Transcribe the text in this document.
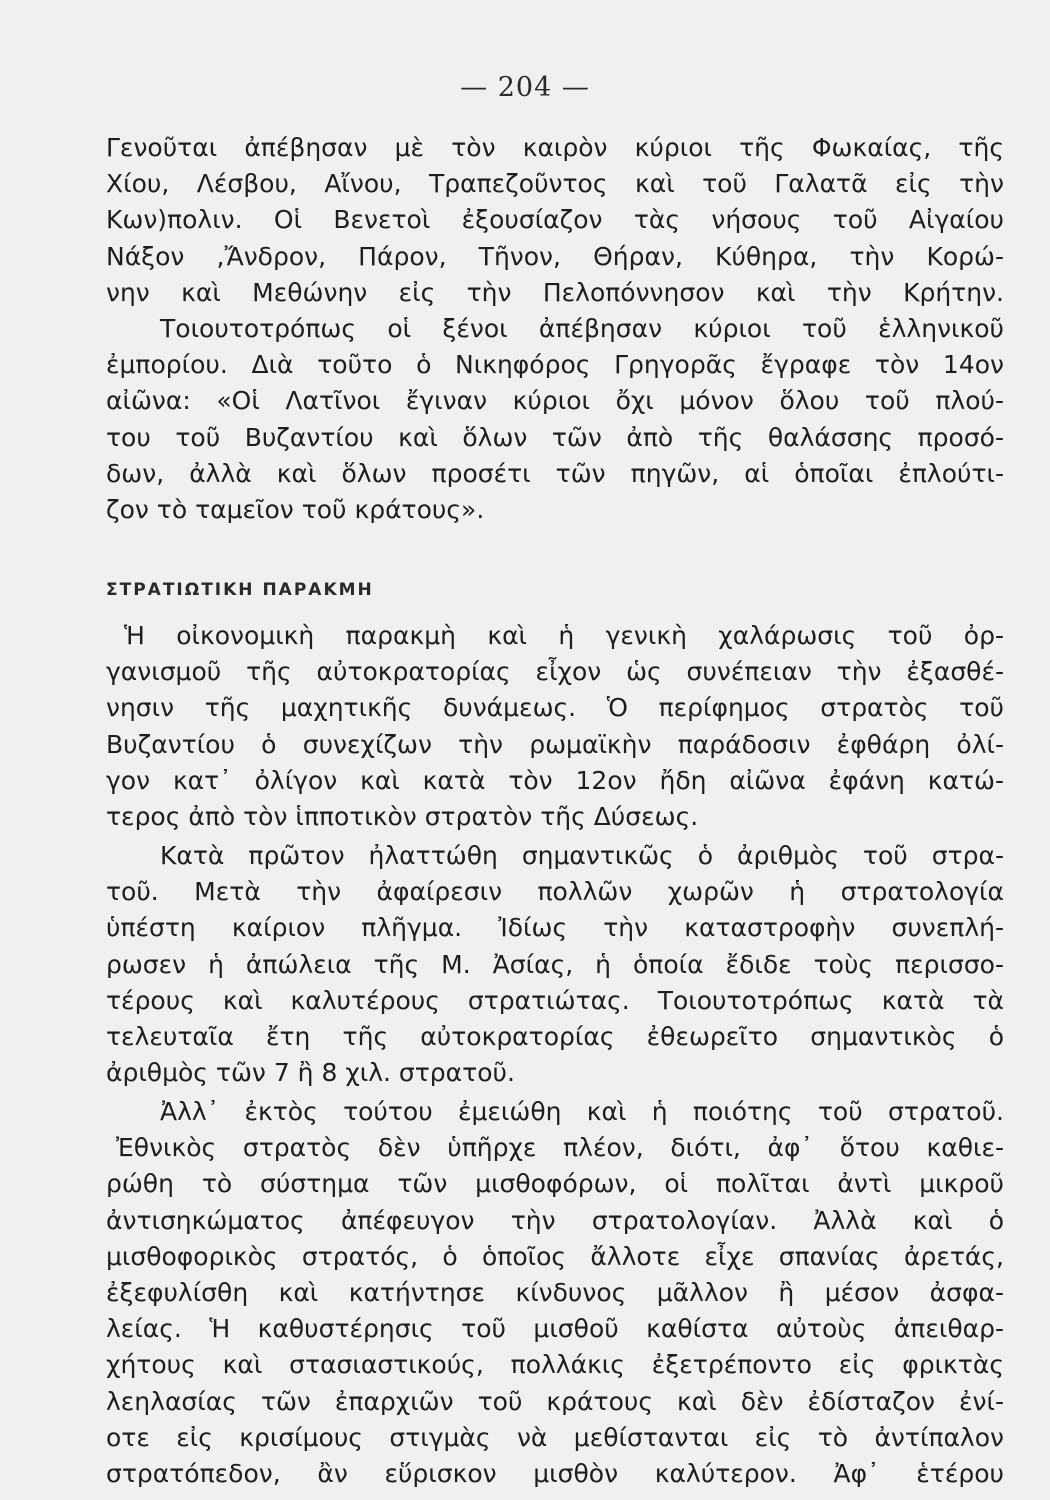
— 204 —
Γενοῦται ἀπέβησαν μὲ τὸν καιρὸν κύριοι τῆς Φωκαίας, τῆς
Χίου, Λέσβου, Αἴνου, Τραπεζοῦντος καὶ τοῦ Γαλατᾶ εἰς τὴν
Κων)πολιν. Οἱ Βενετοὶ ἐξουσίαζον τὰς νήσους τοῦ Αἰγαίου
Νάξον ,Ἄνδρον, Πάρον, Τῆνον, Θήραν, Κύθηρα, τὴν Κορώ-
νην καὶ Μεθώνην εἰς τὴν Πελοπόννησον καὶ τὴν Κρήτην.
Τοιουτοτρόπως οἱ ξένοι ἀπέβησαν κύριοι τοῦ ἑλληνικοῦ
ἐμπορίου. Διὰ τοῦτο ὁ Νικηφόρος Γρηγορᾶς ἔγραφε τὸν 14ον
αἰῶνα: «Οἱ Λατῖνοι ἔγιναν κύριοι ὄχι μόνον ὅλου τοῦ πλού-
του τοῦ Βυζαντίου καὶ ὅλων τῶν ἀπὸ τῆς θαλάσσης προσό-
δων, ἀλλὰ καὶ ὅλων προσέτι τῶν πηγῶν, αἱ ὁποῖαι ἐπλούτι-
ζον τὸ ταμεῖον τοῦ κράτους».
ΣΤΡΑΤΙΩΤΙΚΗ ΠΑΡΑΚΜΗ
Ἡ οἰκονομικὴ παρακμὴ καὶ ἡ γενικὴ χαλάρωσις τοῦ ὀρ-
γανισμοῦ τῆς αὐτοκρατορίας εἶχον ὡς συνέπειαν τὴν ἐξασθέ-
νησιν τῆς μαχητικῆς δυνάμεως. Ὁ περίφημος στρατὸς τοῦ
Βυζαντίου ὁ συνεχίζων τὴν ρωμαϊκὴν παράδοσιν ἐφθάρη ὀλί-
γον κατ᾿ ὀλίγον καὶ κατὰ τὸν 12ον ἤδη αἰῶνα ἐφάνη κατώ-
τερος ἀπὸ τὸν ἱπποτικὸν στρατὸν τῆς Δύσεως.
Κατὰ πρῶτον ἠλαττώθη σημαντικῶς ὁ ἀριθμὸς τοῦ στρα-
τοῦ. Μετὰ τὴν ἀφαίρεσιν πολλῶν χωρῶν ἡ στρατολογία
ὑπέστη καίριον πλῆγμα. Ἰδίως τὴν καταστροφὴν συνεπλή-
ρωσεν ἡ ἀπώλεια τῆς Μ. Ἀσίας, ἡ ὁποία ἔδιδε τοὺς περισσο-
τέρους καὶ καλυτέρους στρατιώτας. Τοιουτοτρόπως κατὰ τὰ
τελευταῖα ἔτη τῆς αὐτοκρατορίας ἐθεωρεῖτο σημαντικὸς ὁ
ἀριθμὸς τῶν 7 ἢ 8 χιλ. στρατοῦ.
Ἀλλ᾿ ἐκτὸς τούτου ἐμειώθη καὶ ἡ ποιότης τοῦ στρατοῦ.
Ἐθνικὸς στρατὸς δὲν ὑπῆρχε πλέον, διότι, ἀφ᾿ ὅτου καθιε-
ρώθη τὸ σύστημα τῶν μισθοφόρων, οἱ πολῖται ἀντὶ μικροῦ
ἀντισηκώματος ἀπέφευγον τὴν στρατολογίαν. Ἀλλὰ καὶ ὁ
μισθοφορικὸς στρατός, ὁ ὁποῖος ἄλλοτε εἶχε σπανίας ἀρετάς,
ἐξεφυλίσθη καὶ κατήντησε κίνδυνος μᾶλλον ἢ μέσον ἀσφα-
λείας. Ἡ καθυστέρησις τοῦ μισθοῦ καθίστα αὐτοὺς ἀπειθαρ-
χήτους καὶ στασιαστικούς, πολλάκις ἐξετρέποντο εἰς φρικτὰς
λεηλασίας τῶν ἐπαρχιῶν τοῦ κράτους καὶ δὲν ἐδίσταζον ἐνί-
οτε εἰς κρισίμους στιγμὰς νὰ μεθίστανται εἰς τὸ ἀντίπαλον
στρατόπεδον, ἂν εὕρισκον μισθὸν καλύτερον. Ἀφ᾿ ἑτέρου
